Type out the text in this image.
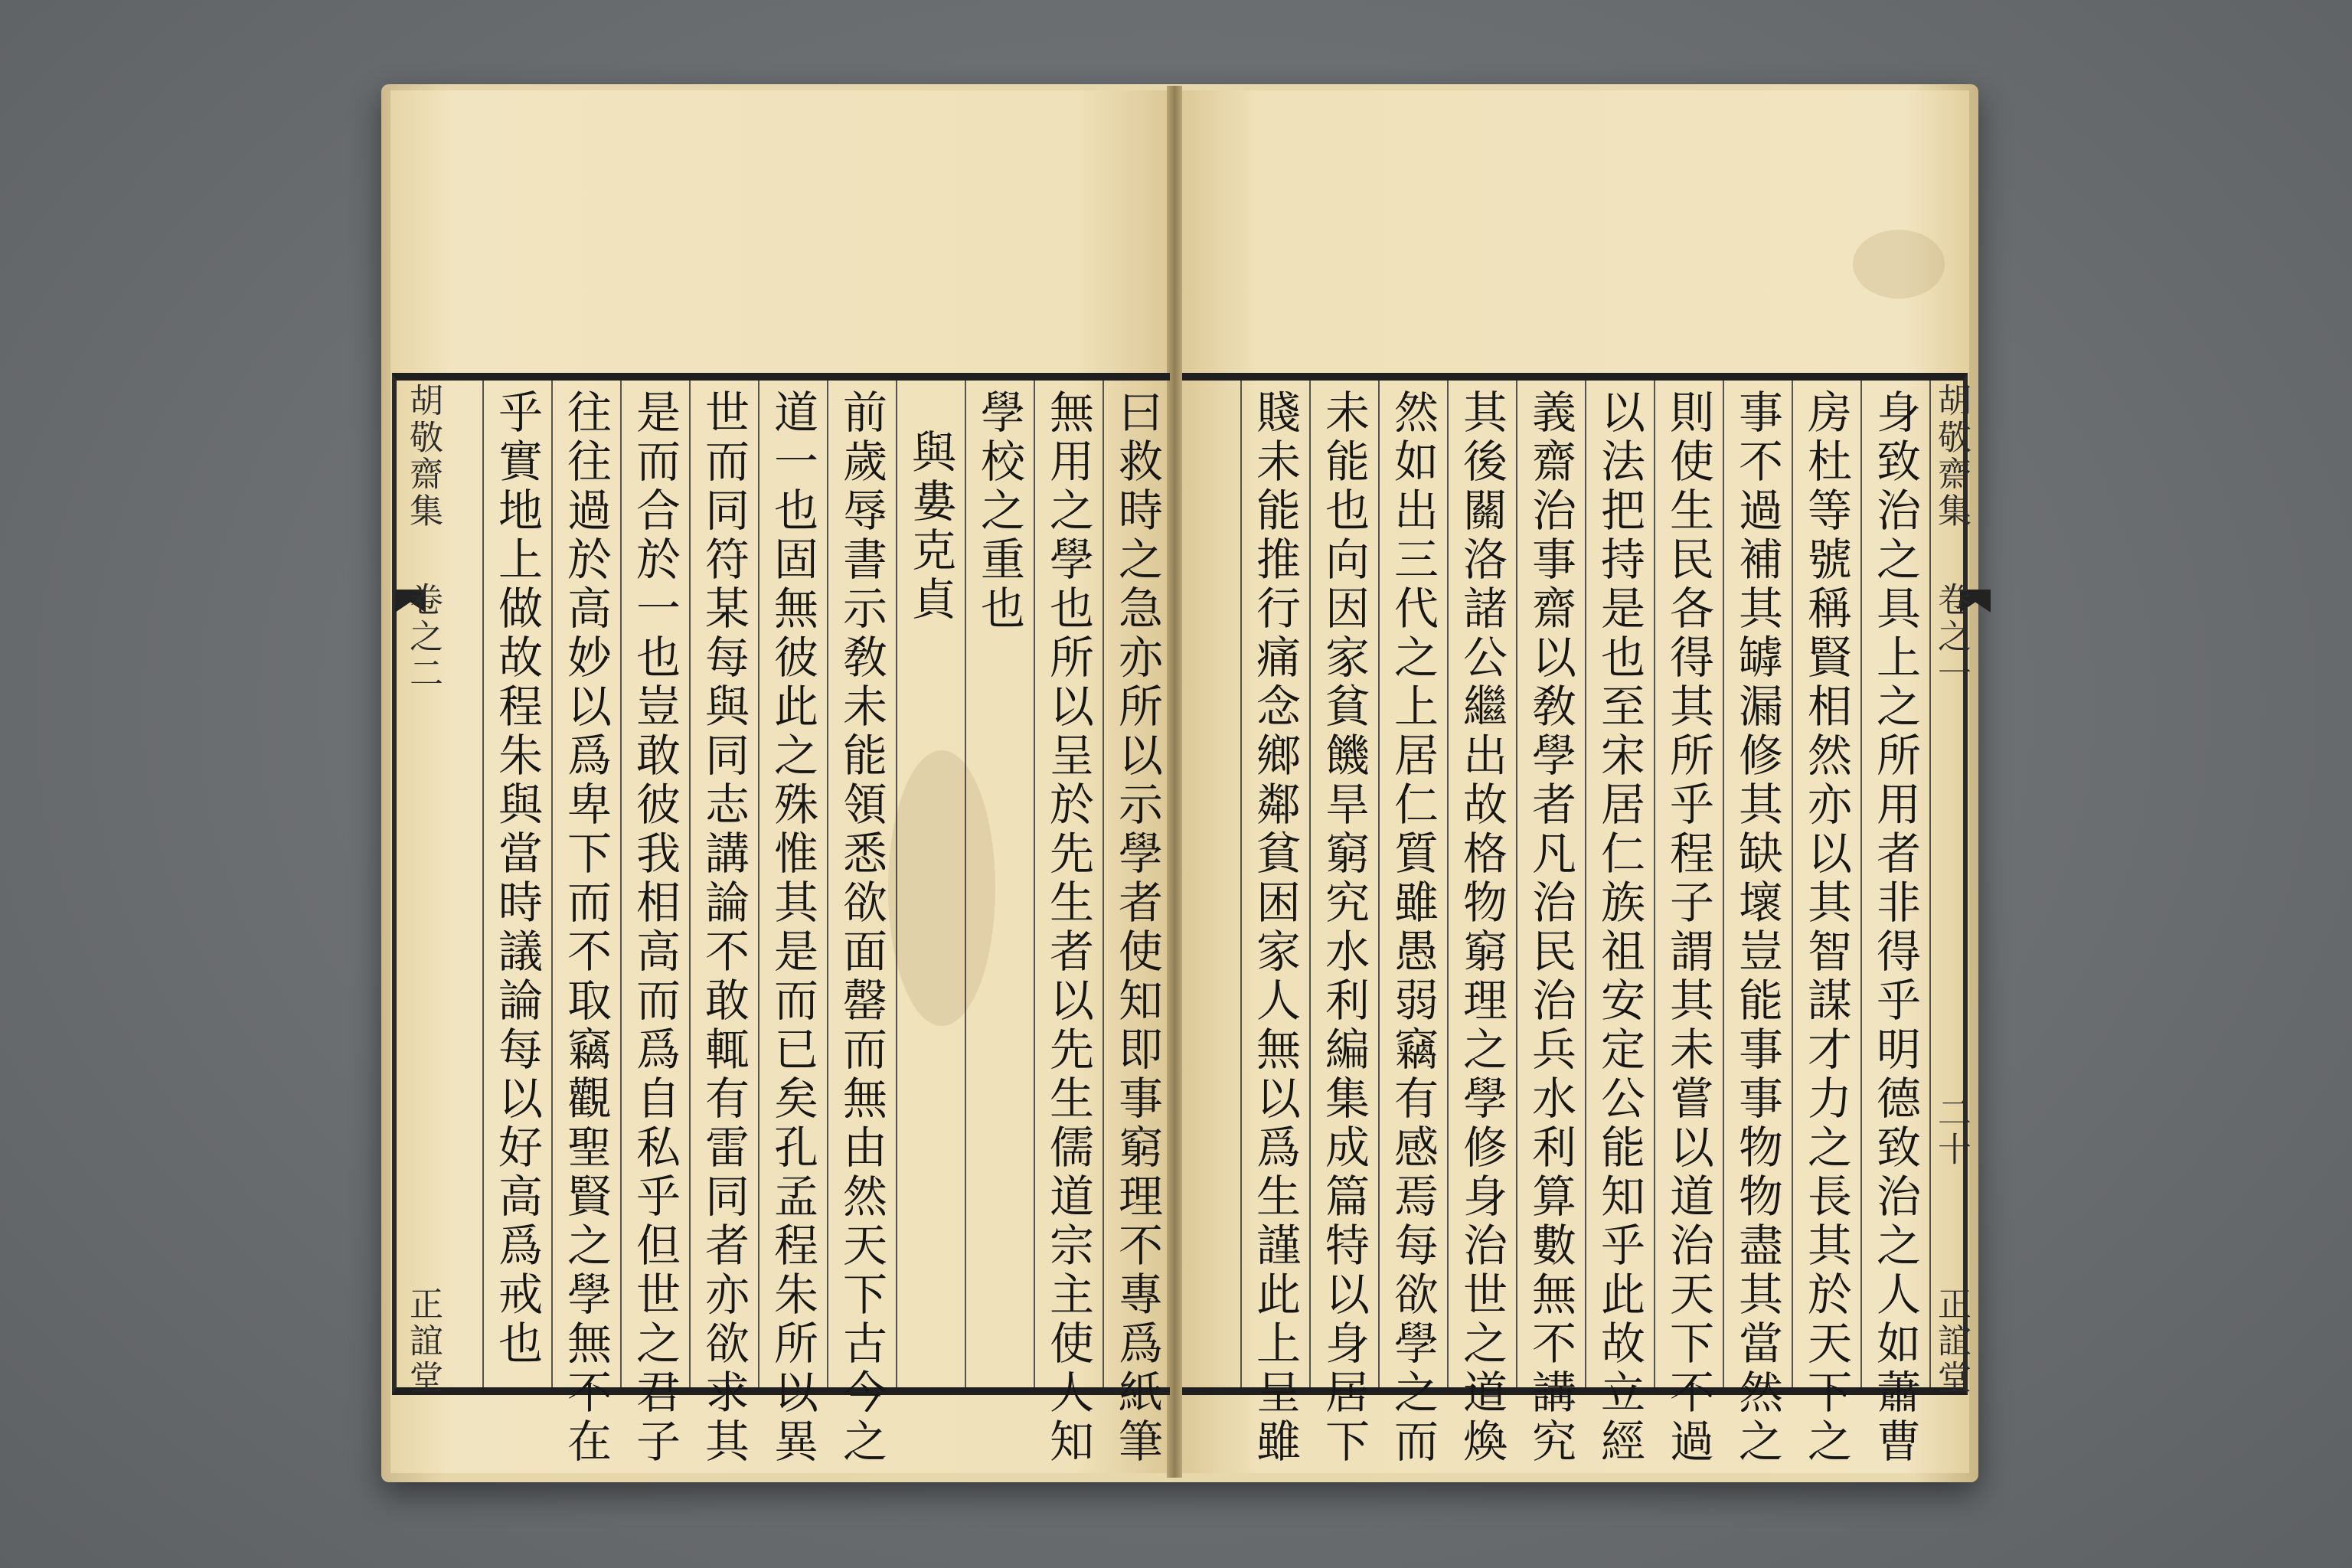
胡敬齋集
卷之一
二十
正誼堂
身致治之具上之所用者非得乎明德致治之人如蕭曹
房杜等號稱賢相然亦以其智謀才力之長其於天下之
事不過補其罅漏修其缺壞豈能事事物物盡其當然之
則使生民各得其所乎程子謂其未嘗以道治天下不過
以法把持是也至宋居仁族祖安定公能知乎此故立經
義齋治事齋以敎學者凡治民治兵水利算數無不講究
其後關洛諸公繼出故格物窮理之學修身治世之道煥
然如出三代之上居仁質雖愚弱竊有感焉每欲學之而
未能也向因家貧饑旱窮究水利編集成篇特以身居下
賤未能推行痛念鄉鄰貧困家人無以爲生謹此上呈雖
曰救時之急亦所以示學者使知即事窮理不專爲紙筆
無用之學也所以呈於先生者以先生儒道宗主使人知
學校之重也
與婁克貞
前歲辱書示敎未能領悉欲面罄而無由然天下古今之
道一也固無彼此之殊惟其是而已矣孔孟程朱所以異
世而同符某每與同志講論不敢輒有雷同者亦欲求其
是而合於一也豈敢彼我相高而爲自私乎但世之君子
往往過於高妙以爲卑下而不取竊觀聖賢之學無不在
乎實地上做故程朱與當時議論每以好高爲戒也
胡敬齋集
卷之二
正誼堂
